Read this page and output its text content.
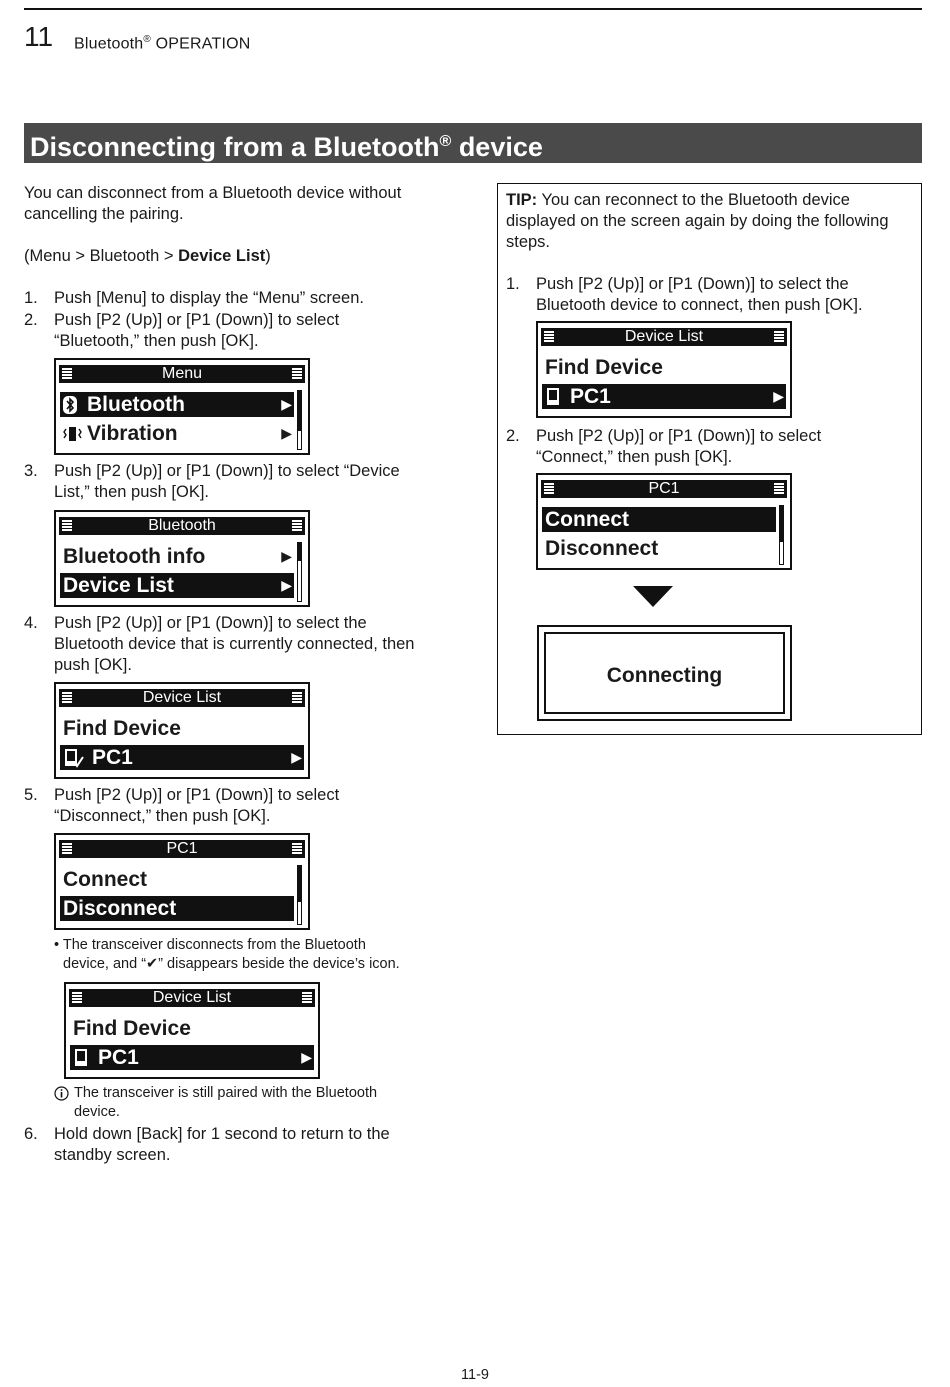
11 Bluetooth® OPERATION
Disconnecting from a Bluetooth® device
You can disconnect from a Bluetooth device without
cancelling the pairing.
(Menu > Bluetooth > Device List)
1. Push [Menu] to display the “Menu” screen.
2. Push [P2 (Up)] or [P1 (Down)] to select
“Bluetooth,” then push [OK].
Menu
Bluetooth	▶
Vibration	▶
3. Push [P2 (Up)] or [P1 (Down)] to select “Device
List,” then push [OK].
Bluetooth
Bluetooth info	▶
Device List	▶
4. Push [P2 (Up)] or [P1 (Down)] to select the
Bluetooth device that is currently connected, then
push [OK].
Device List
Find Device
PC1	▶
5. Push [P2 (Up)] or [P1 (Down)] to select
“Disconnect,” then push [OK].
PC1
Connect
Disconnect
• The transceiver disconnects from the Bluetooth
device, and “✔” disappears beside the device’s icon.
Device List
Find Device
PC1	▶
The transceiver is still paired with the Bluetooth
device.
6. Hold down [Back] for 1 second to return to the
standby screen.
TIP: You can reconnect to the Bluetooth device
displayed on the screen again by doing the following
steps.
1. Push [P2 (Up)] or [P1 (Down)] to select the
Bluetooth device to connect, then push [OK].
Device List
Find Device
PC1	▶
2. Push [P2 (Up)] or [P1 (Down)] to select
“Connect,” then push [OK].
PC1
Connect
Disconnect
Connecting
11-9
